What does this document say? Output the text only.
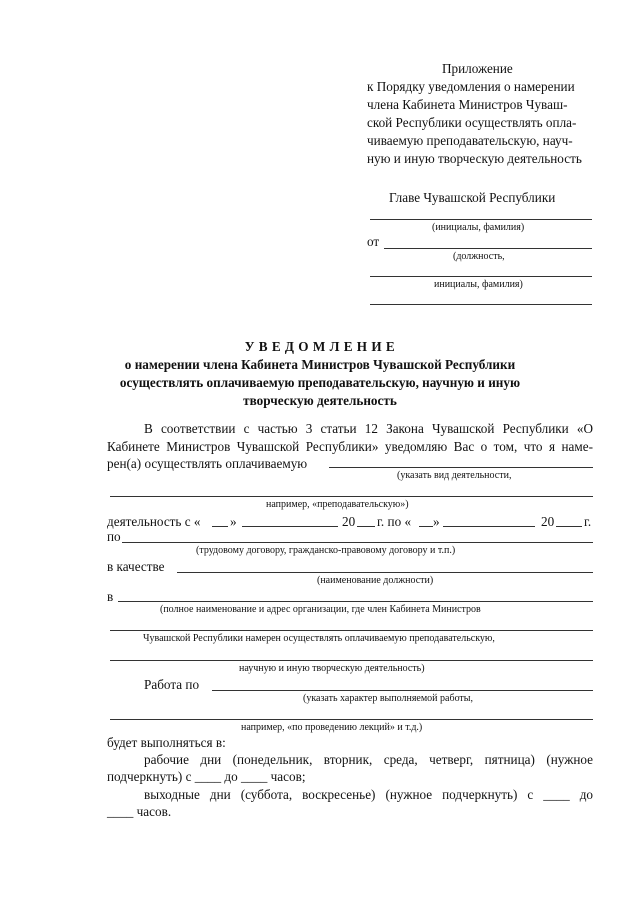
Приложение
к Порядку уведомления о намерении
члена Кабинета Министров Чуваш-
ской Республики осуществлять опла-
чиваемую преподавательскую, науч-
ную и иную творческую деятельность
Главе Чувашской Республики
(инициалы, фамилия)
от
(должность,
инициалы, фамилия)
У В Е Д О М Л Е Н И Е
о намерении члена Кабинета Министров Чувашской Республики
осуществлять оплачиваемую преподавательскую, научную и иную
творческую деятельность
В соответствии с частью 3 статьи 12 Закона Чувашской Республики «О
Кабинете Министров Чувашской Республики» уведомляю Вас о том, что я наме-
рен(а) осуществлять оплачиваемую
(указать вид деятельности,
например, «преподавательскую»)
деятельность с « »	20 г. по « »	20 г.
по
(трудовому договору, гражданско-правовому договору и т.п.)
в качестве
(наименование должности)
в
(полное наименование и адрес организации, где член Кабинета Министров
Чувашской Республики намерен осуществлять оплачиваемую преподавательскую,
научную и иную творческую деятельность)
Работа по
(указать характер выполняемой работы,
например, «по проведению лекций» и т.д.)
будет выполняться в:
рабочие дни (понедельник, вторник, среда, четверг, пятница) (нужное
подчеркнуть) с ____ до ____ часов;
выходные дни (суббота, воскресенье) (нужное подчеркнуть) с ____ до
____ часов.
